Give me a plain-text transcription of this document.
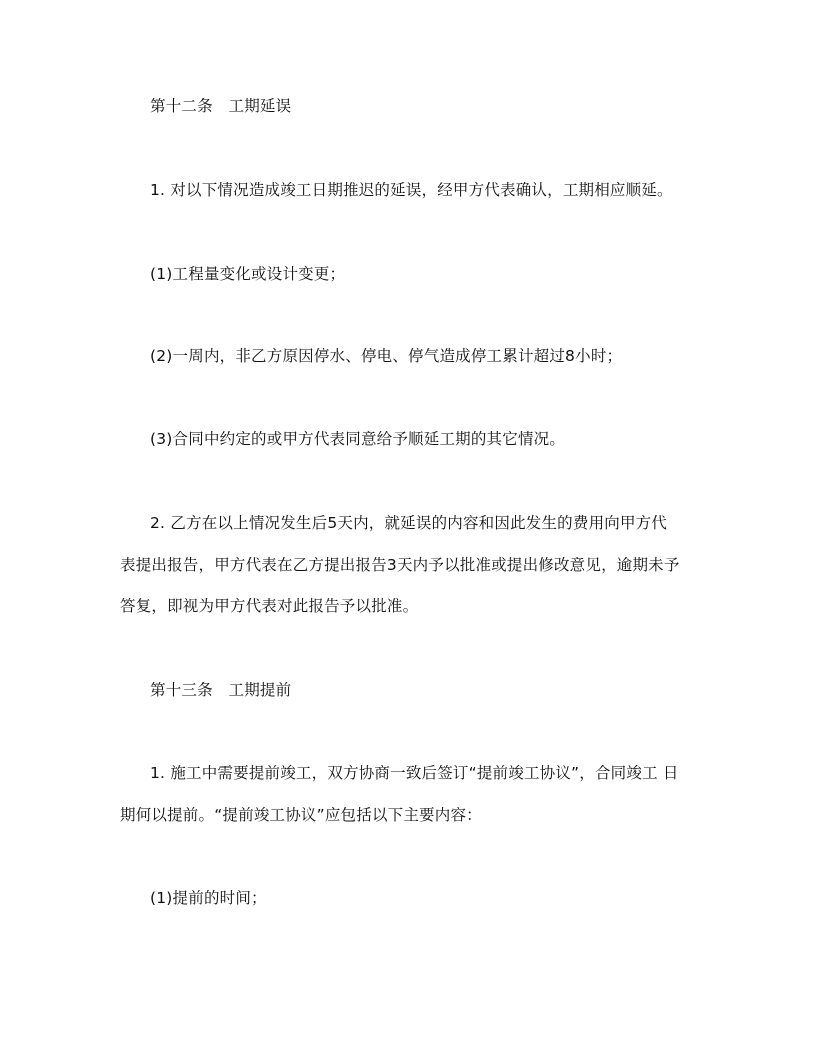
第十二条　工期延误
1. 对以下情况造成竣工日期推迟的延误，经甲方代表确认，工期相应顺延。
(1)工程量变化或设计变更；
(2)一周内，非乙方原因停水、停电、停气造成停工累计超过8小时；
(3)合同中约定的或甲方代表同意给予顺延工期的其它情况。
2. 乙方在以上情况发生后5天内，就延误的内容和因此发生的费用向甲方代
表提出报告，甲方代表在乙方提出报告3天内予以批准或提出修改意见，逾期未予
答复，即视为甲方代表对此报告予以批准。
第十三条　工期提前
1. 施工中需要提前竣工，双方协商一致后签订“提前竣工协议”，合同竣工 日
期何以提前。“提前竣工协议”应包括以下主要内容：
(1)提前的时间；
